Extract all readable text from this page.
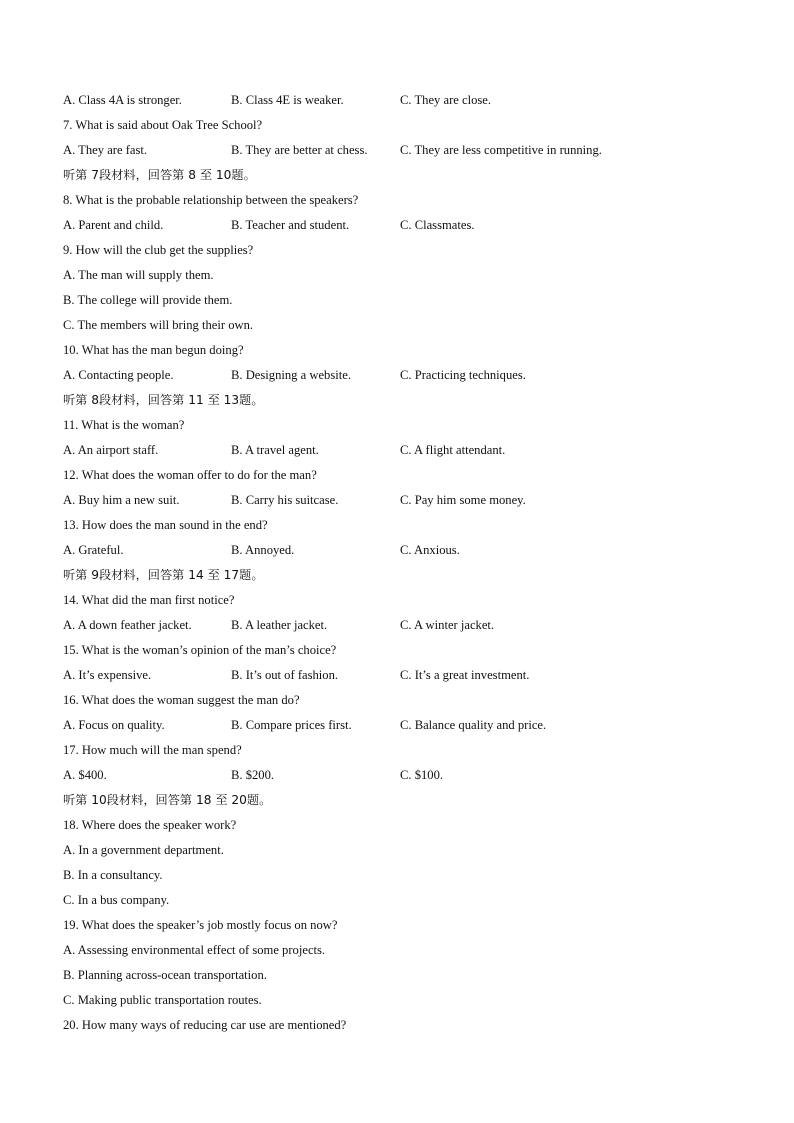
A. Class 4A is stronger.	B. Class 4E is weaker.	C. They are close.
7. What is said about Oak Tree School?
A. They are fast.	B. They are better at chess.	C. They are less competitive in running.
听第 7段材料，回答第 8 至 10题。
8. What is the probable relationship between the speakers?
A. Parent and child.	B. Teacher and student.	C. Classmates.
9. How will the club get the supplies?
A. The man will supply them.
B. The college will provide them.
C. The members will bring their own.
10. What has the man begun doing?
A. Contacting people.	B. Designing a website.	C. Practicing techniques.
听第 8段材料，回答第 11 至 13题。
11. What is the woman?
A. An airport staff.	B. A travel agent.	C. A flight attendant.
12. What does the woman offer to do for the man?
A. Buy him a new suit.	B. Carry his suitcase.	C. Pay him some money.
13. How does the man sound in the end?
A. Grateful.	B. Annoyed.	C. Anxious.
听第 9段材料，回答第 14 至 17题。
14. What did the man first notice?
A. A down feather jacket.	B. A leather jacket.	C. A winter jacket.
15. What is the woman’s opinion of the man’s choice?
A. It’s expensive.	B. It’s out of fashion.	C. It’s a great investment.
16. What does the woman suggest the man do?
A. Focus on quality.	B. Compare prices first.	C. Balance quality and price.
17. How much will the man spend?
A. $400.	B. $200.	C. $100.
听第 10段材料，回答第 18 至 20题。
18. Where does the speaker work?
A. In a government department.
B. In a consultancy.
C. In a bus company.
19. What does the speaker’s job mostly focus on now?
A. Assessing environmental effect of some projects.
B. Planning across-ocean transportation.
C. Making public transportation routes.
20. How many ways of reducing car use are mentioned?
